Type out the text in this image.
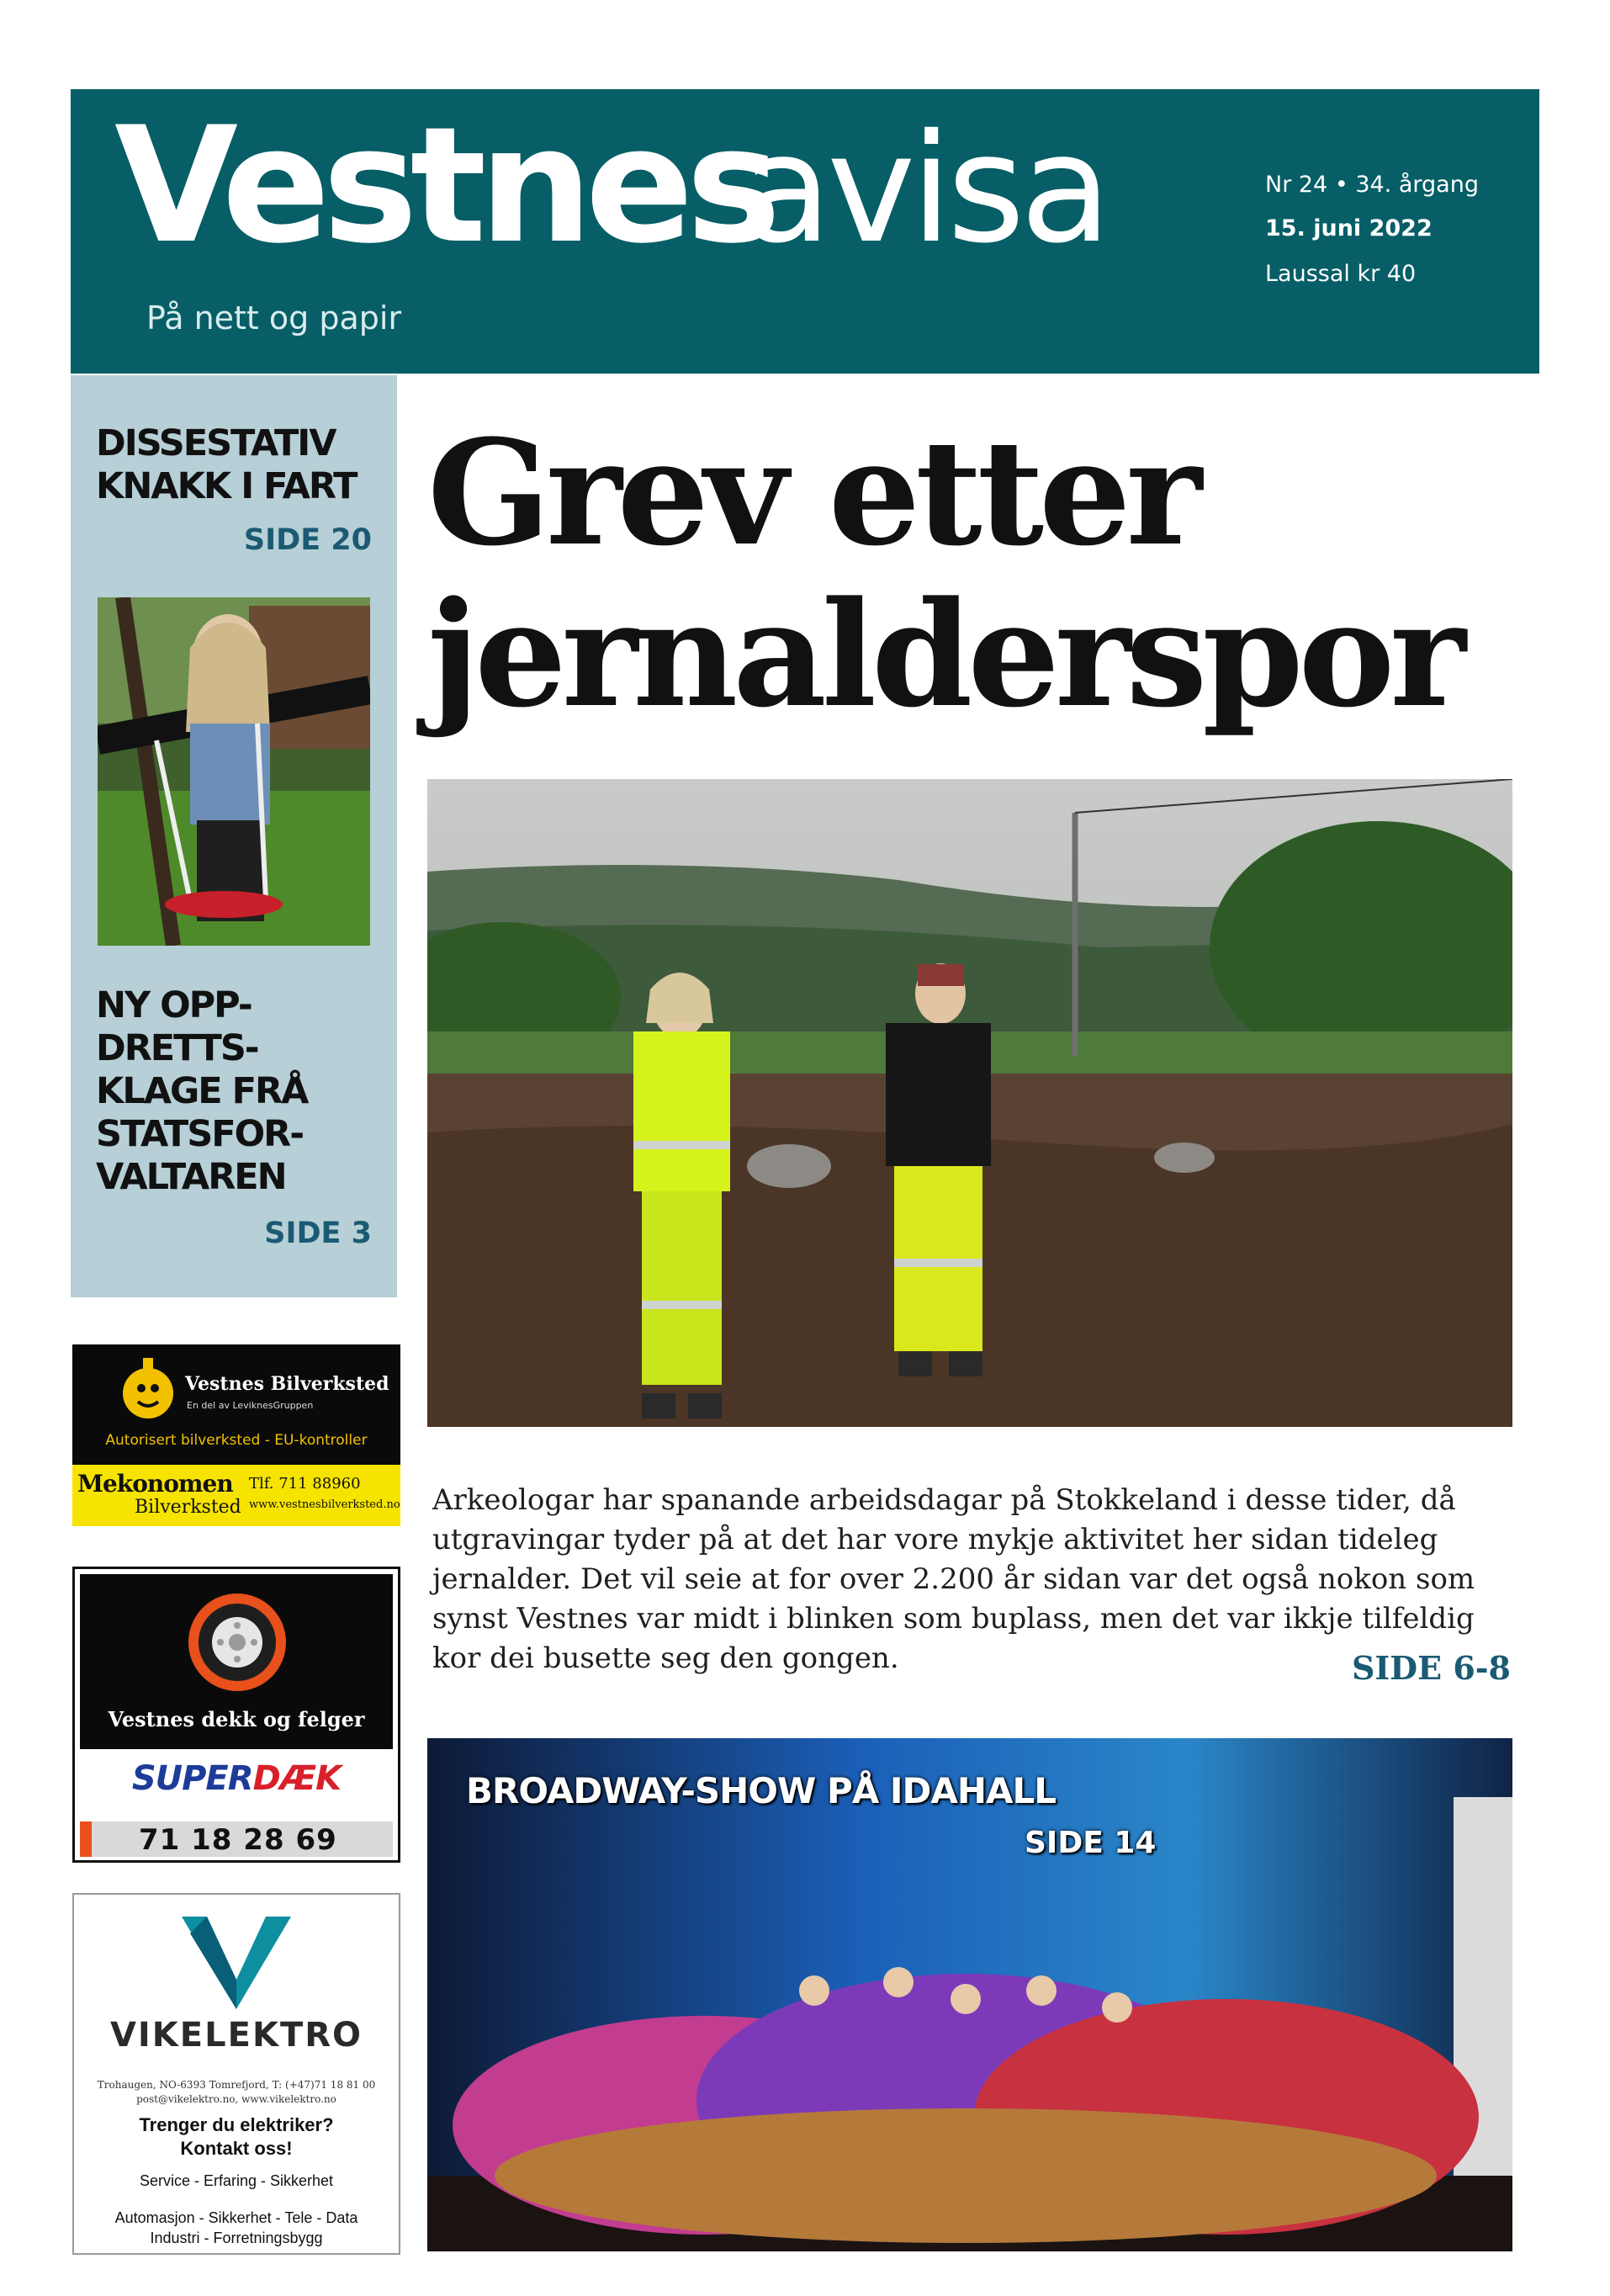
Vestnes
avisa
På nett og papir
Nr 24 • 34. årgang
15. juni 2022
Laussal kr 40
DISSESTATIV KNAKK I FART
SIDE 20
NY OPP-DRETTS-KLAGE FRÅ STATSFOR-VALTAREN
SIDE 3
Grev etter jernalderspor
Arkeologar har spanande arbeidsdagar på Stokkeland i desse tider, då utgravingar tyder på at det har vore mykje aktivitet her sidan tideleg jernalder. Det vil seie at for over 2.200 år sidan var det også nokon som synst Vestnes var midt i blinken som buplass, men det var ikkje tilfeldig kor dei busette seg den gongen.	SIDE 6-8
BROADWAY-SHOW PÅ IDAHALL
SIDE 14
Vestnes Bilverksted
En del av LeviknesGruppen
Autorisert bilverksted - EU-kontroller
Mekonomen
Bilverksted
Tlf. 711 88960
www.vestnesbilverksted.no
Vestnes dekk og felger
SUPERDÆK
71 18 28 69
VIKELEKTRO
Trohaugen, NO-6393 Tomrefjord, T: (+47)71 18 81 00
post@vikelektro.no, www.vikelektro.no
Trenger du elektriker?
Kontakt oss!
Service - Erfaring - Sikkerhet
Automasjon - Sikkerhet - Tele - Data
Industri - Forretningsbygg
